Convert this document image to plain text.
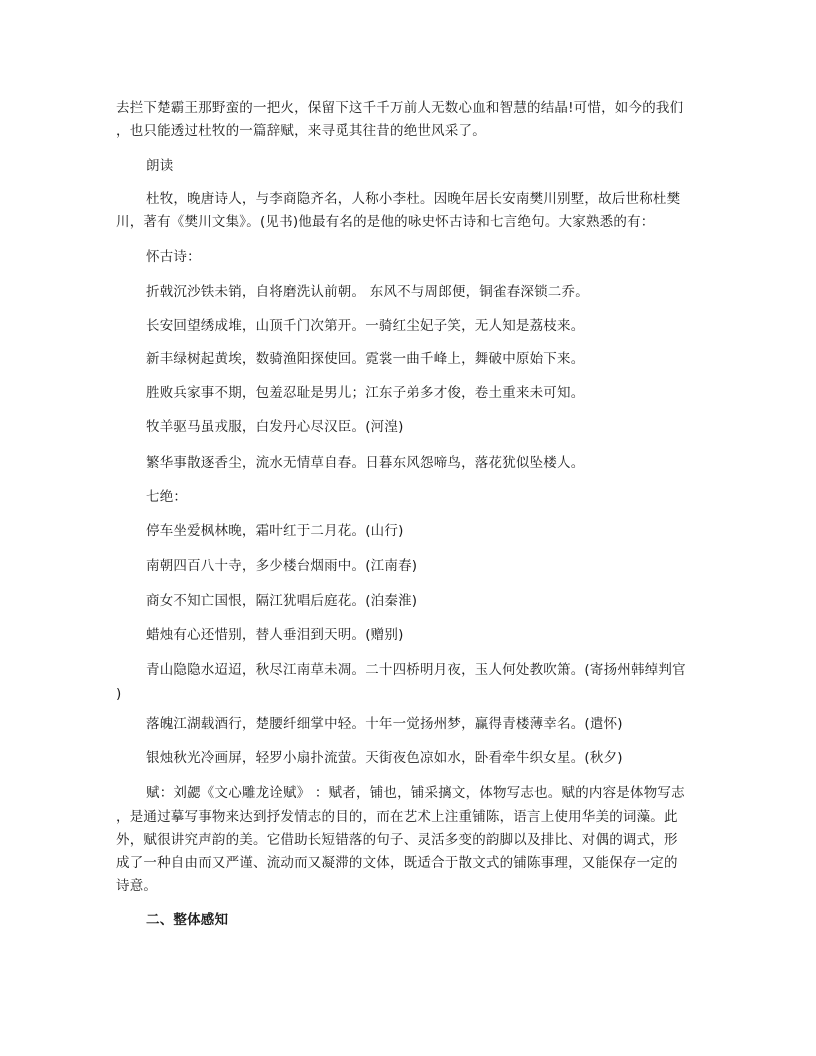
去拦下楚霸王那野蛮的一把火，保留下这千千万前人无数心血和智慧的结晶!可惜，如今的我们
，也只能透过杜牧的一篇辞赋，来寻觅其往昔的绝世风采了。
朗读
杜牧，晚唐诗人，与李商隐齐名，人称小李杜。因晚年居长安南樊川别墅，故后世称杜樊
川，著有《樊川文集》。(见书)他最有名的是他的咏史怀古诗和七言绝句。大家熟悉的有：
怀古诗：
折戟沉沙铁未销，自将磨洗认前朝。 东风不与周郎便，铜雀春深锁二乔。
长安回望绣成堆，山顶千门次第开。一骑红尘妃子笑，无人知是荔枝来。
新丰绿树起黄埃，数骑渔阳探使回。霓裳一曲千峰上，舞破中原始下来。
胜败兵家事不期，包羞忍耻是男儿；江东子弟多才俊，卷土重来未可知。
牧羊驱马虽戎服，白发丹心尽汉臣。(河湟)
繁华事散逐香尘，流水无情草自春。日暮东风怨啼鸟，落花犹似坠楼人。
七绝：
停车坐爱枫林晚，霜叶红于二月花。(山行)
南朝四百八十寺，多少楼台烟雨中。(江南春)
商女不知亡国恨，隔江犹唱后庭花。(泊秦淮)
蜡烛有心还惜别，替人垂泪到天明。(赠别)
青山隐隐水迢迢，秋尽江南草未凋。二十四桥明月夜，玉人何处教吹箫。(寄扬州韩绰判官
)
落魄江湖载酒行，楚腰纤细掌中轻。十年一觉扬州梦，赢得青楼薄幸名。(遣怀)
银烛秋光冷画屏，轻罗小扇扑流萤。天街夜色凉如水，卧看牵牛织女星。(秋夕)
赋：刘勰《文心雕龙诠赋》 ：赋者，铺也，铺采摛文，体物写志也。赋的内容是体物写志
，是通过摹写事物来达到抒发情志的目的，而在艺术上注重铺陈，语言上使用华美的词藻。此
外，赋很讲究声韵的美。它借助长短错落的句子、灵活多变的韵脚以及排比、对偶的调式，形
成了一种自由而又严谨、流动而又凝滞的文体，既适合于散文式的铺陈事理，又能保存一定的
诗意。
二、整体感知
